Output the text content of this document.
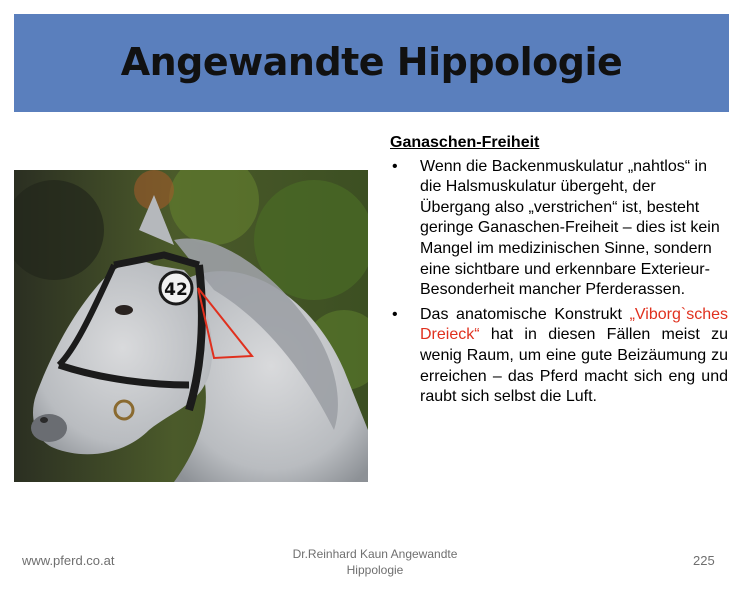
Angewandte Hippologie
42
Ganaschen-Freiheit
• Wenn die Backenmuskulatur „nahtlos“ in die Halsmuskulatur übergeht, der Übergang also „verstrichen“ ist, besteht geringe Ganaschen-Freiheit – dies ist kein Mangel im medizinischen Sinne, sondern eine sichtbare und erkennbare Exterieur-Besonderheit mancher Pferderassen.
• Das anatomische Konstrukt „Viborg`sches Dreieck“ hat in diesen Fällen meist zu wenig Raum, um eine gute Beizäumung zu erreichen – das Pferd macht sich eng und raubt sich selbst die Luft.
www.pferd.co.at	Dr.Reinhard Kaun Angewandte Hippologie
225
